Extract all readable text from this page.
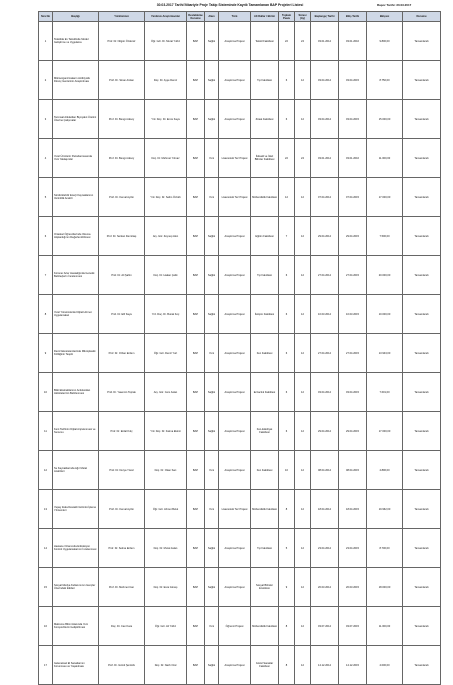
Rapor Tarihi: 30.03.2017
30.03.2017 Tarihi İtibariyle Proje Takip Sisteminde Kayıtlı Tamamlanan BAP Projeleri Listesi
Sıra No	Başlığı	Yürütücüsü	Yardımcı Araştırmacılar	Destekleme Kurumu	Alanı	Türü	Alt Dallar / Birimi	Toplam Puanı	Süresi (Ay)	Başlangıç Tarihi	Bitiş Tarihi	Bütçesi	Durumu
1	Tekstilde Ev Tekstilinde Model Geliştirme ve Uygulama	Prof. Dr. Nilgün Özdemir	Öğr. Gör. Dr. Murat Yıldız	BAP	Sağlık	Araştırma Projesi	Tekstil Fakültesi	22	24	03.01.2014	03.01.2016	9.800,00	Tamamlandı
2	Mikroorganizmaların Antibiyotik Direnç Genlerinin Araştırılması	Prof. Dr. Sinan Arslan	Doç. Dr. Ayşe Demir	BAP	Sağlık	Araştırma Projesi	Tıp Fakültesi	6	12	03.04.2014	03.04.2015	8.750,00	Tamamlandı
3	Tarımsal Atıklardan Biyoyakıt Üretimi Üzerine Çalışmalar	Prof. Dr. Bengü Aksoy	Yrd. Doç. Dr. Emre Kaya	BAP	Sağlık	Araştırma Projesi	Ziraat Fakültesi	6	12	03.04.2014	03.04.2015	15.000,00	Tamamlandı
4	Yerel Ürünlerin Pazarlanmasında Yeni Yaklaşımlar	Prof. Dr. Bengü Aksoy	Doç. Dr. Mehmet Yılmaz	BAP	Yeni	Lisansüstü Tez Projesi	İktisadi ve İdari Bilimler Fakültesi	22	24	03.01.2014	03.01.2016	11.000,00	Tamamlandı
5	Sürdürülebilir Enerji Kaynaklarının Verimlilik Analizi	Prof. Dr. Kemal Aydın	Yrd. Doç. Dr. Selim Öztürk	BAP	Yeni	Lisansüstü Tez Projesi	Mühendislik Fakültesi	12	12	07.04.2014	07.04.2015	17.000,00	Tamamlandı
6	Ortaokul Öğrencilerinde Okuma Alışkanlığının Değerlendirilmesi	Prof. Dr. Serkan Demirtaş	Arş. Gör. Zeynep Akın	BAP	Sağlık	Araştırma Projesi	Eğitim Fakültesi	7	12	29.04.2014	29.04.2015	7.500,00	Tamamlandı
7	Koroner Arter Hastalığında Genetik Belirteçlerin İncelenmesi	Prof. Dr. Ali Şahin	Doç. Dr. Hakan Çelik	BAP	Sağlık	Araştırma Projesi	Tıp Fakültesi	6	12	27.04.2014	27.04.2015	20.000,00	Tamamlandı
8	Yerel Yönetimlerde Dijital Hizmet Uygulamaları	Prof. Dr. Elif Kaya	Yrd. Doç. Dr. Burak Koç	BAP	Sağlık	Araştırma Projesi	İletişim Fakültesi	6	12	10.03.2014	10.03.2015	10.000,00	Tamamlandı
9	Deniz Ekosistemlerinde Mikroplastik Kirliliğinin Tespiti	Prof. Dr. Orhan Erdem	Öğr. Gör. Deniz Yurt	BAP	Yeni	Araştırma Projesi	Fen Fakültesi	6	12	27.04.2014	27.04.2015	13.943,00	Tamamlandı
10	Bitki Ekstraktlarının Antioksidan Aktivitelerinin Belirlenmesi	Prof. Dr. Yasemin Toprak	Arş. Gör. Cem Aslan	BAP	Sağlık	Araştırma Projesi	Eczacılık Fakültesi	6	12	03.04.2014	03.04.2015	7.601,00	Tamamlandı
11	Kent Tarihinin Dijital Arşivlenmesi ve Sunumu	Prof. Dr. Erdal Kılıç	Yrd. Doç. Dr. Fatma Ekinci	BAP	Sağlık	Araştırma Projesi	Fen-Edebiyat Fakültesi	6	12	29.04.2014	29.04.2015	17.000,00	Tamamlandı
12	Su Kaynaklarında Ağır Metal Analizleri	Prof. Dr. Derya Yücel	Doç. Dr. Okan Sarı	BAP	Yeni	Araştırma Projesi	Fen Fakültesi	10	12	08.04.2014	08.04.2015	4.896,00	Tamamlandı
13	Yapay Zeka Destekli Görüntü İşleme Yöntemleri	Prof. Dr. Kemal Aydın	Öğr. Gör. Ahmet Bulut	BAP	Yeni	Lisansüstü Tez Projesi	Mühendislik Fakültesi	8	12	18.04.2014	18.04.2015	19.962,00	Tamamlandı
14	Hastane Ortamında Enfeksiyon Kontrol Uygulamalarının İncelenmesi	Prof. Dr. Selma Erdem	Doç. Dr. Murat Aslan	BAP	Sağlık	Araştırma Projesi	Tıp Fakültesi	5	12	23.04.2014	23.04.2015	8.700,00	Tamamlandı
15	Sosyal Medya Kullanımının Gençler Üzerindeki Etkileri	Prof. Dr. Mehmet Can	Doç. Dr. Esra Güneş	BAP	Sağlık	Araştırma Projesi	Sosyal Bilimler Enstitüsü	9	12	20.03.2014	20.03.2015	18.000,00	Tamamlandı
16	Malzeme Bilimi Alanında Yeni Kompozitlerin Geliştirilmesi	Doç. Dr. Can Kara	Öğr. Gör. Ali Yıldız	BAP	Yeni	Öğrenci Projesi	Mühendislik Fakültesi	8	12	03.07.2014	03.07.2015	11.000,00	Tamamlandı
17	Geleneksel El Sanatlarının Korunması ve Yaşatılması	Prof. Dr. Gönül Şentürk	Doç. Dr. Nazlı Oral	BAP	Sağlık	Araştırma Projesi	Güzel Sanatlar Fakültesi	8	12	14.12.2014	14.12.2015	4.000,00	Tamamlandı
